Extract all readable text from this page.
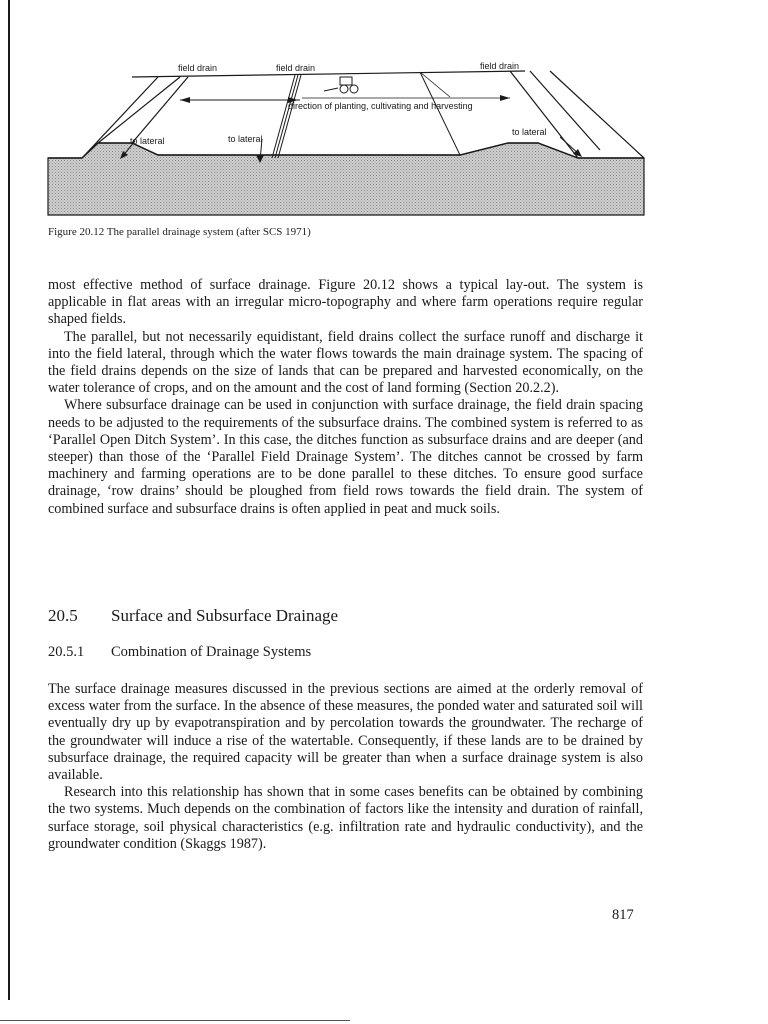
field drain	field drain	field drain
direction of planting, cultivating and harvesting
to lateral	to lateral
to lateral
Figure 20.12 The parallel drainage system (after SCS 1971)

most effective method of surface drainage. Figure 20.12 shows a typical lay-out. The system is applicable in flat areas with an irregular micro-topography and where farm operations require regular shaped fields.

The parallel, but not necessarily equidistant, field drains collect the surface runoff and discharge it into the field lateral, through which the water flows towards the main drainage system. The spacing of the field drains depends on the size of lands that can be prepared and harvested economically, on the water tolerance of crops, and on the amount and the cost of land forming (Section 20.2.2).

Where subsurface drainage can be used in conjunction with surface drainage, the field drain spacing needs to be adjusted to the requirements of the subsurface drains. The combined system is referred to as ‘Parallel Open Ditch System’. In this case, the ditches function as subsurface drains and are deeper (and steeper) than those of the ‘Parallel Field Drainage System’. The ditches cannot be crossed by farm machinery and farming operations are to be done parallel to these ditches. To ensure good surface drainage, ‘row drains’ should be ploughed from field rows towards the field drain. The system of combined surface and subsurface drains is often applied in peat and muck soils.

20.5 Surface and Subsurface Drainage
20.5.1 Combination of Drainage Systems

The surface drainage measures discussed in the previous sections are aimed at the orderly removal of excess water from the surface. In the absence of these measures, the ponded water and saturated soil will eventually dry up by evapotranspiration and by percolation towards the groundwater. The recharge of the groundwater will induce a rise of the watertable. Consequently, if these lands are to be drained by subsurface drainage, the required capacity will be greater than when a surface drainage system is also available.

Research into this relationship has shown that in some cases benefits can be obtained by combining the two systems. Much depends on the combination of factors like the intensity and duration of rainfall, surface storage, soil physical characteristics (e.g. infiltration rate and hydraulic conductivity), and the groundwater condition (Skaggs 1987).

817
